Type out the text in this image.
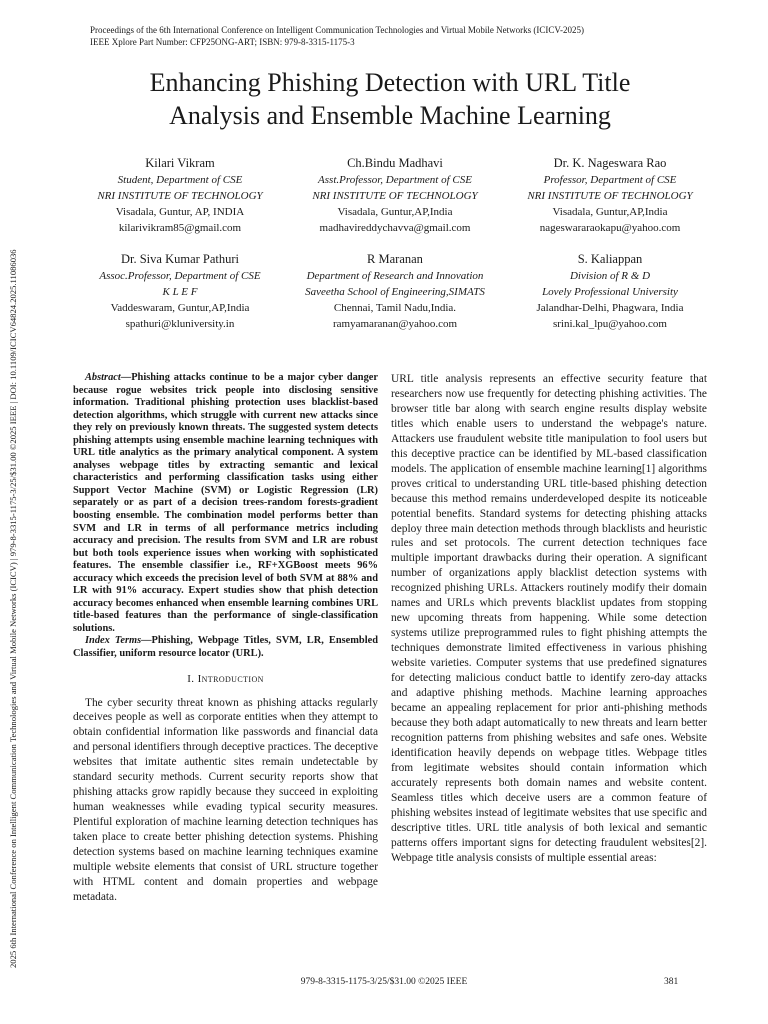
2025 6th International Conference on Intelligent Communication Technologies and Virtual Mobile Networks (ICICV) | 979-8-3315-1175-3/25/$31.00 ©2025 IEEE | DOI: 10.1109/ICICV64824.2025.11086036
Proceedings of the 6th International Conference on Intelligent Communication Technologies and Virtual Mobile Networks (ICICV-2025)
IEEE Xplore Part Number: CFP25ONG-ART; ISBN: 979-8-3315-1175-3
Enhancing Phishing Detection with URL Title
Analysis and Ensemble Machine Learning
Kilari Vikram
Student, Department of CSE
NRI INSTITUTE OF TECHNOLOGY
Visadala, Guntur, AP, INDIA
kilarivikram85@gmail.com
Ch.Bindu Madhavi
Asst.Professor, Department of CSE
NRI INSTITUTE OF TECHNOLOGY
Visadala, Guntur,AP,India
madhavireddychavva@gmail.com
Dr. K. Nageswara Rao
Professor, Department of CSE
NRI INSTITUTE OF TECHNOLOGY
Visadala, Guntur,AP,India
nageswararaokapu@yahoo.com
Dr. Siva Kumar Pathuri
Assoc.Professor, Department of CSE
K L E F
Vaddeswaram, Guntur,AP,India
spathuri@kluniversity.in
R Maranan
Department of Research and Innovation
Saveetha School of Engineering,SIMATS
Chennai, Tamil Nadu,India.
ramyamaranan@yahoo.com
S. Kaliappan
Division of R & D
Lovely Professional University
Jalandhar-Delhi, Phagwara, India
srini.kal_lpu@yahoo.com

Abstract—Phishing attacks continue to be a major cyber danger because rogue websites trick people into disclosing sensitive information. Traditional phishing protection uses blacklist-based detection algorithms, which struggle with current new attacks since they rely on previously known threats. The suggested system detects phishing attempts using ensemble machine learning techniques with URL title analytics as the primary analytical component. A system analyses webpage titles by extracting semantic and lexical characteristics and performing classification tasks using either Support Vector Machine (SVM) or Logistic Regression (LR) separately or as part of a decision trees-random forests-gradient boosting ensemble. The combination model performs better than SVM and LR in terms of all performance metrics including accuracy and precision. The results from SVM and LR are robust but both tools experience issues when working with sophisticated features. The ensemble classifier i.e., RF+XGBoost meets 96% accuracy which exceeds the precision level of both SVM at 88% and LR with 91% accuracy. Expert studies show that phish detection accuracy becomes enhanced when ensemble learning combines URL title-based features than the performance of single-classification solutions.

Index Terms—Phishing, Webpage Titles, SVM, LR, Ensembled Classifier, uniform resource locator (URL).

I. Introduction

The cyber security threat known as phishing attacks regularly deceives people as well as corporate entities when they attempt to obtain confidential information like passwords and financial data and personal identifiers through deceptive practices. The deceptive websites that imitate authentic sites remain undetectable by standard security methods. Current security reports show that phishing attacks grow rapidly because they succeed in exploiting human weaknesses while evading typical security measures. Plentiful exploration of machine learning detection techniques has taken place to create better phishing detection systems. Phishing detection systems based on machine learning techniques examine multiple website elements that consist of URL structure together with HTML content and domain properties and webpage metadata.

URL title analysis represents an effective security feature that researchers now use frequently for detecting phishing activities. The browser title bar along with search engine results display website titles which enable users to understand the webpage's nature. Attackers use fraudulent website title manipulation to fool users but this deceptive practice can be identified by ML-based classification models. The application of ensemble machine learning[1] algorithms proves critical to understanding URL title-based phishing detection because this method remains underdeveloped despite its noticeable potential benefits. Standard systems for detecting phishing attacks deploy three main detection methods through blacklists and heuristic rules and set protocols. The current detection techniques face multiple important drawbacks during their operation. A significant number of organizations apply blacklist detection systems with recognized phishing URLs. Attackers routinely modify their domain names and URLs which prevents blacklist updates from stopping new upcoming threats from happening. While some detection systems utilize preprogrammed rules to fight phishing attempts the techniques demonstrate limited effectiveness in various phishing website varieties. Computer systems that use predefined signatures for detecting malicious conduct battle to identify zero-day attacks and adaptive phishing methods. Machine learning approaches became an appealing replacement for prior anti-phishing methods because they both adapt automatically to new threats and learn better recognition patterns from phishing websites and safe ones. Website identification heavily depends on webpage titles. Webpage titles from legitimate websites should contain information which accurately represents both domain names and website content. Seamless titles which deceive users are a common feature of phishing websites instead of legitimate websites that use specific and descriptive titles. URL title analysis of both lexical and semantic patterns offers important signs for detecting fraudulent websites[2]. Webpage title analysis consists of multiple essential areas:

979-8-3315-1175-3/25/$31.00 ©2025 IEEE	381
